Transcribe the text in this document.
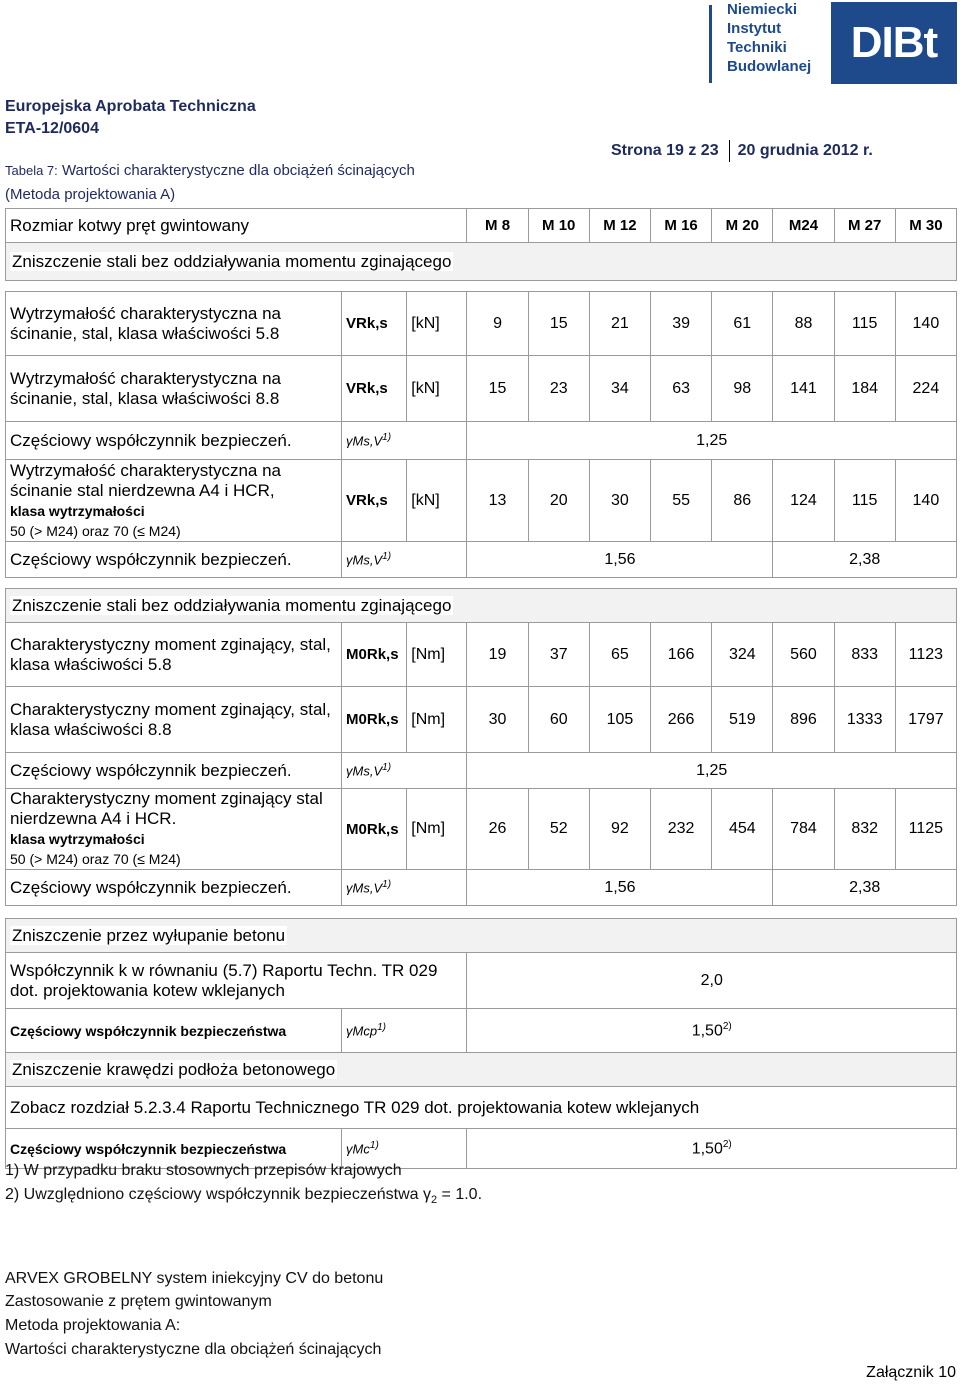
Niemiecki
Instytut
Techniki
Budowlanej DIBt
Europejska Aprobata Techniczna
ETA-12/0604
Tabela 7: Wartości charakterystyczne dla obciążeń ścinających
(Metoda projektowania A)
Strona 19 z 23 20 grudnia 2012 r.
Rozmiar kotwy pręt gwintowany			M 8	M 10	M 12	M 16	M 20	M24	M 27	M 30
Zniszczenie stali bez oddziaływania momentu zginającego										

Wytrzymałość charakterystyczna na ścinanie, stal, klasa właściwości 5.8	VRk,s	[kN]	9	15	21	39	61	88	115	140
Wytrzymałość charakterystyczna na ścinanie, stal, klasa właściwości 8.8	VRk,s	[kN]	15	23	34	63	98	141	184	224
Częściowy współczynnik bezpieczeń.	$\gamma Ms,V^{1)}$		1,25							

Wytrzymałość charakterystyczna na ścinanie stal nierdzewna A4 i HCR,
klasa wytrzymałości
50 (> M24) oraz 70 (≤ M24)	VRk,s	[kN]	13	20	30	55	86	124	115	140
Częściowy współczynnik bezpieczeń.	$\gamma Ms,V^{1)}$		1,56					2,38		

Zniszczenie stali bez oddziaływania momentu zginającego										
Charakterystyczny moment zginający, stal, klasa właściwości 5.8	M0Rk,s	[Nm]	19	37	65	166	324	560	833	1123
Charakterystyczny moment zginający, stal, klasa właściwości 8.8	M0Rk,s	[Nm]	30	60	105	266	519	896	1333	1797
Częściowy współczynnik bezpieczeń.	$\gamma Ms,V^{1)}$		1,25							

Charakterystyczny moment zginający stal nierdzewna A4 i HCR.
klasa wytrzymałości
50 (> M24) oraz 70 (≤ M24)	M0Rk,s	[Nm]	26	52	92	232	454	784	832	1125
Częściowy współczynnik bezpieczeń.	$\gamma Ms,V^{1)}$		1,56					2,38		

Zniszczenie przez wyłupanie betonu										
Współczynnik k w równaniu (5.7) Raportu Techn. TR 029 dot. projektowania kotew wklejanych			2,0							
Częściowy współczynnik bezpieczeństwa	γMcp$^{1)}$		1,50$^{2)}$
Zniszczenie krawędzi podłoża betonowego										
Zobacz rozdział 5.2.3.4 Raportu Technicznego TR 029 dot. projektowania kotew wklejanych										
Częściowy współczynnik bezpieczeństwa	γMc$^{1)}$		1,50$^{2)}$
1) W przypadku braku stosownych przepisów krajowych
2) Uwzględniono częściowy współczynnik bezpieczeństwa $\gamma_2 = 1.0$.
ARVEX GROBELNY system iniekcyjny CV do betonu
Zastosowanie z prętem gwintowanym
Metoda projektowania A:
Wartości charakterystyczne dla obciążeń ścinających
Załącznik 10
